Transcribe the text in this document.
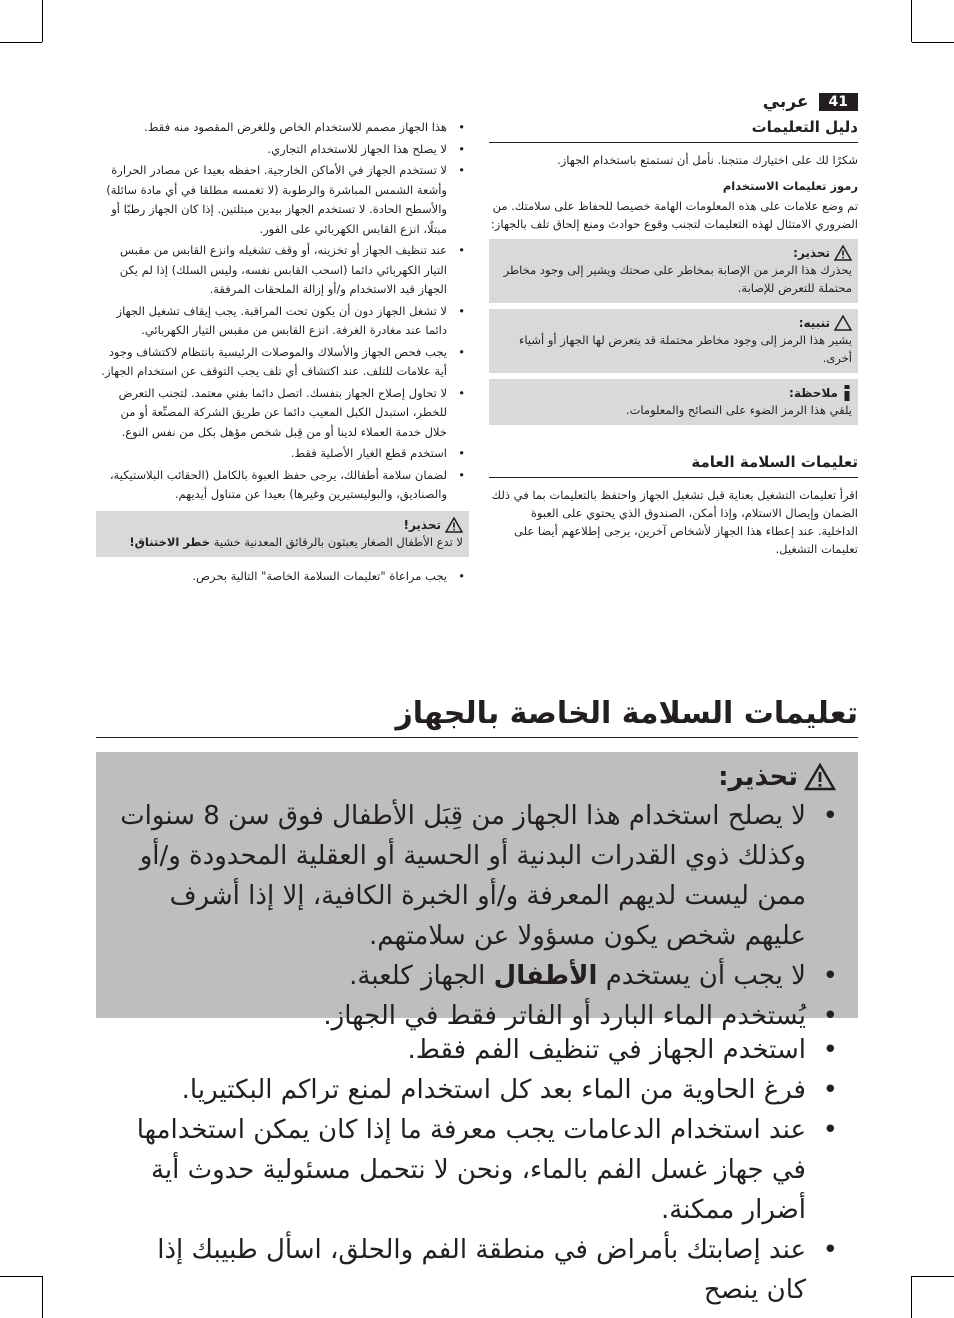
41
عربي
دليل التعليمات

شكرًا لك على اختيارك منتجنا. نأمل أن تستمتع باستخدام الجهاز.

رموز تعليمات الاستخدام

تم وضع علامات على هذه المعلومات الهامة خصيصا للحفاظ على سلامتك. من الضروري الامتثال لهذه التعليمات لتجنب وقوع حوادث ومنع إلحاق تلف بالجهاز:

تحذير:
يحذرك هذا الرمز من الإصابة بمخاطر على صحتك ويشير إلى وجود مخاطر محتملة للتعرض للإصابة.
تنبيه:
يشير هذا الرمز إلى وجود مخاطر محتملة قد يتعرض لها الجهاز أو أشياء أخرى.
ملاحظة:
يلقي هذا الرمز الضوء على النصائح والمعلومات.
تعليمات السلامة العامة

اقرأ تعليمات التشغيل بعناية قبل تشغيل الجهاز واحتفظ بالتعليمات بما في ذلك الضمان وإيصال الاستلام، وإذا أمكن، الصندوق الذي يحتوي على العبوة الداخلية. عند إعطاء هذا الجهاز لأشخاص آخرين، يرجى إطلاعهم أيضا على تعليمات التشغيل.

• هذا الجهاز مصمم للاستخدام الخاص وللغرض المقصود منه فقط.
• لا يصلح هذا الجهاز للاستخدام التجاري.
• لا تستخدم الجهاز في الأماكن الخارجية. احفظه بعيدا عن مصادر الحرارة وأشعة الشمس المباشرة والرطوبة (لا تغمسه مطلقا في أي مادة سائلة) والأسطح الحادة. لا تستخدم الجهاز بيدين مبتلتين. إذا كان الجهاز رطبًا أو مبتلًا، انزع القابس الكهربائي على الفور.
• عند تنظيف الجهاز أو تخزينه، أو وقف تشغيله وانزع القابس من مقبس التيار الكهربائي دائما (اسحب القابس نفسه، وليس السلك) إذا لم يكن الجهاز قيد الاستخدام و/أو إزالة الملحقات المرفقة.
• لا تشغل الجهاز دون أن يكون تحت المراقبة. يجب إيقاف تشغيل الجهاز دائما عند مغادرة الغرفة. انزع القابس من مقبس التيار الكهربائي.
• يجب فحص الجهاز والأسلاك والموصلات الرئيسية بانتظام لاكتشاف وجود أية علامات للتلف. عند اكتشاف أي تلف يجب التوقف عن استخدام الجهاز.
• لا تحاول إصلاح الجهاز بنفسك. اتصل دائما بفني معتمد. لتجنب التعرض للخطر، استبدل الكبل المعيب دائما عن طريق الشركة المصنِّعة أو من خلال خدمة العملاء لدينا أو من قِبل شخص مؤهل بكل من نفس النوع.
• استخدم قطع الغيار الأصلية فقط.
• لضمان سلامة أطفالك، يرجى حفظ العبوة بالكامل (الحقائب البلاستيكية، والصناديق، والبوليستيرين وغيرها) بعيدا عن متناول أيديهم.
تحذير!
لا تدع الأطفال الصغار يعبثون بالرقائق المعدنية خشية خطر الاختناق!
• يجب مراعاة "تعليمات السلامة الخاصة" التالية بحرص.
تعليمات السلامة الخاصة بالجهاز
تحذير:
• لا يصلح استخدام هذا الجهاز من قِبَل الأطفال فوق سن 8 سنوات وكذلك ذوي القدرات البدنية أو الحسية أو العقلية المحدودة و/أو ممن ليست لديهم المعرفة و/أو الخبرة الكافية، إلا إذا أشرف عليهم شخص يكون مسؤولا عن سلامتهم.
• لا يجب أن يستخدم الأطفال الجهاز كلعبة.
• يُستخدم الماء البارد أو الفاتر فقط في الجهاز.
• استخدم الجهاز في تنظيف الفم فقط.
• فرغ الحاوية من الماء بعد كل استخدام لمنع تراكم البكتيريا.
• عند استخدام الدعامات يجب معرفة ما إذا كان يمكن استخدامها في جهاز غسل الفم بالماء، ونحن لا نتحمل مسئولية حدوث أية أضرار ممكنة.
• عند إصابتك بأمراض في منطقة الفم والحلق، اسأل طبيبك إذا كان ينصح
